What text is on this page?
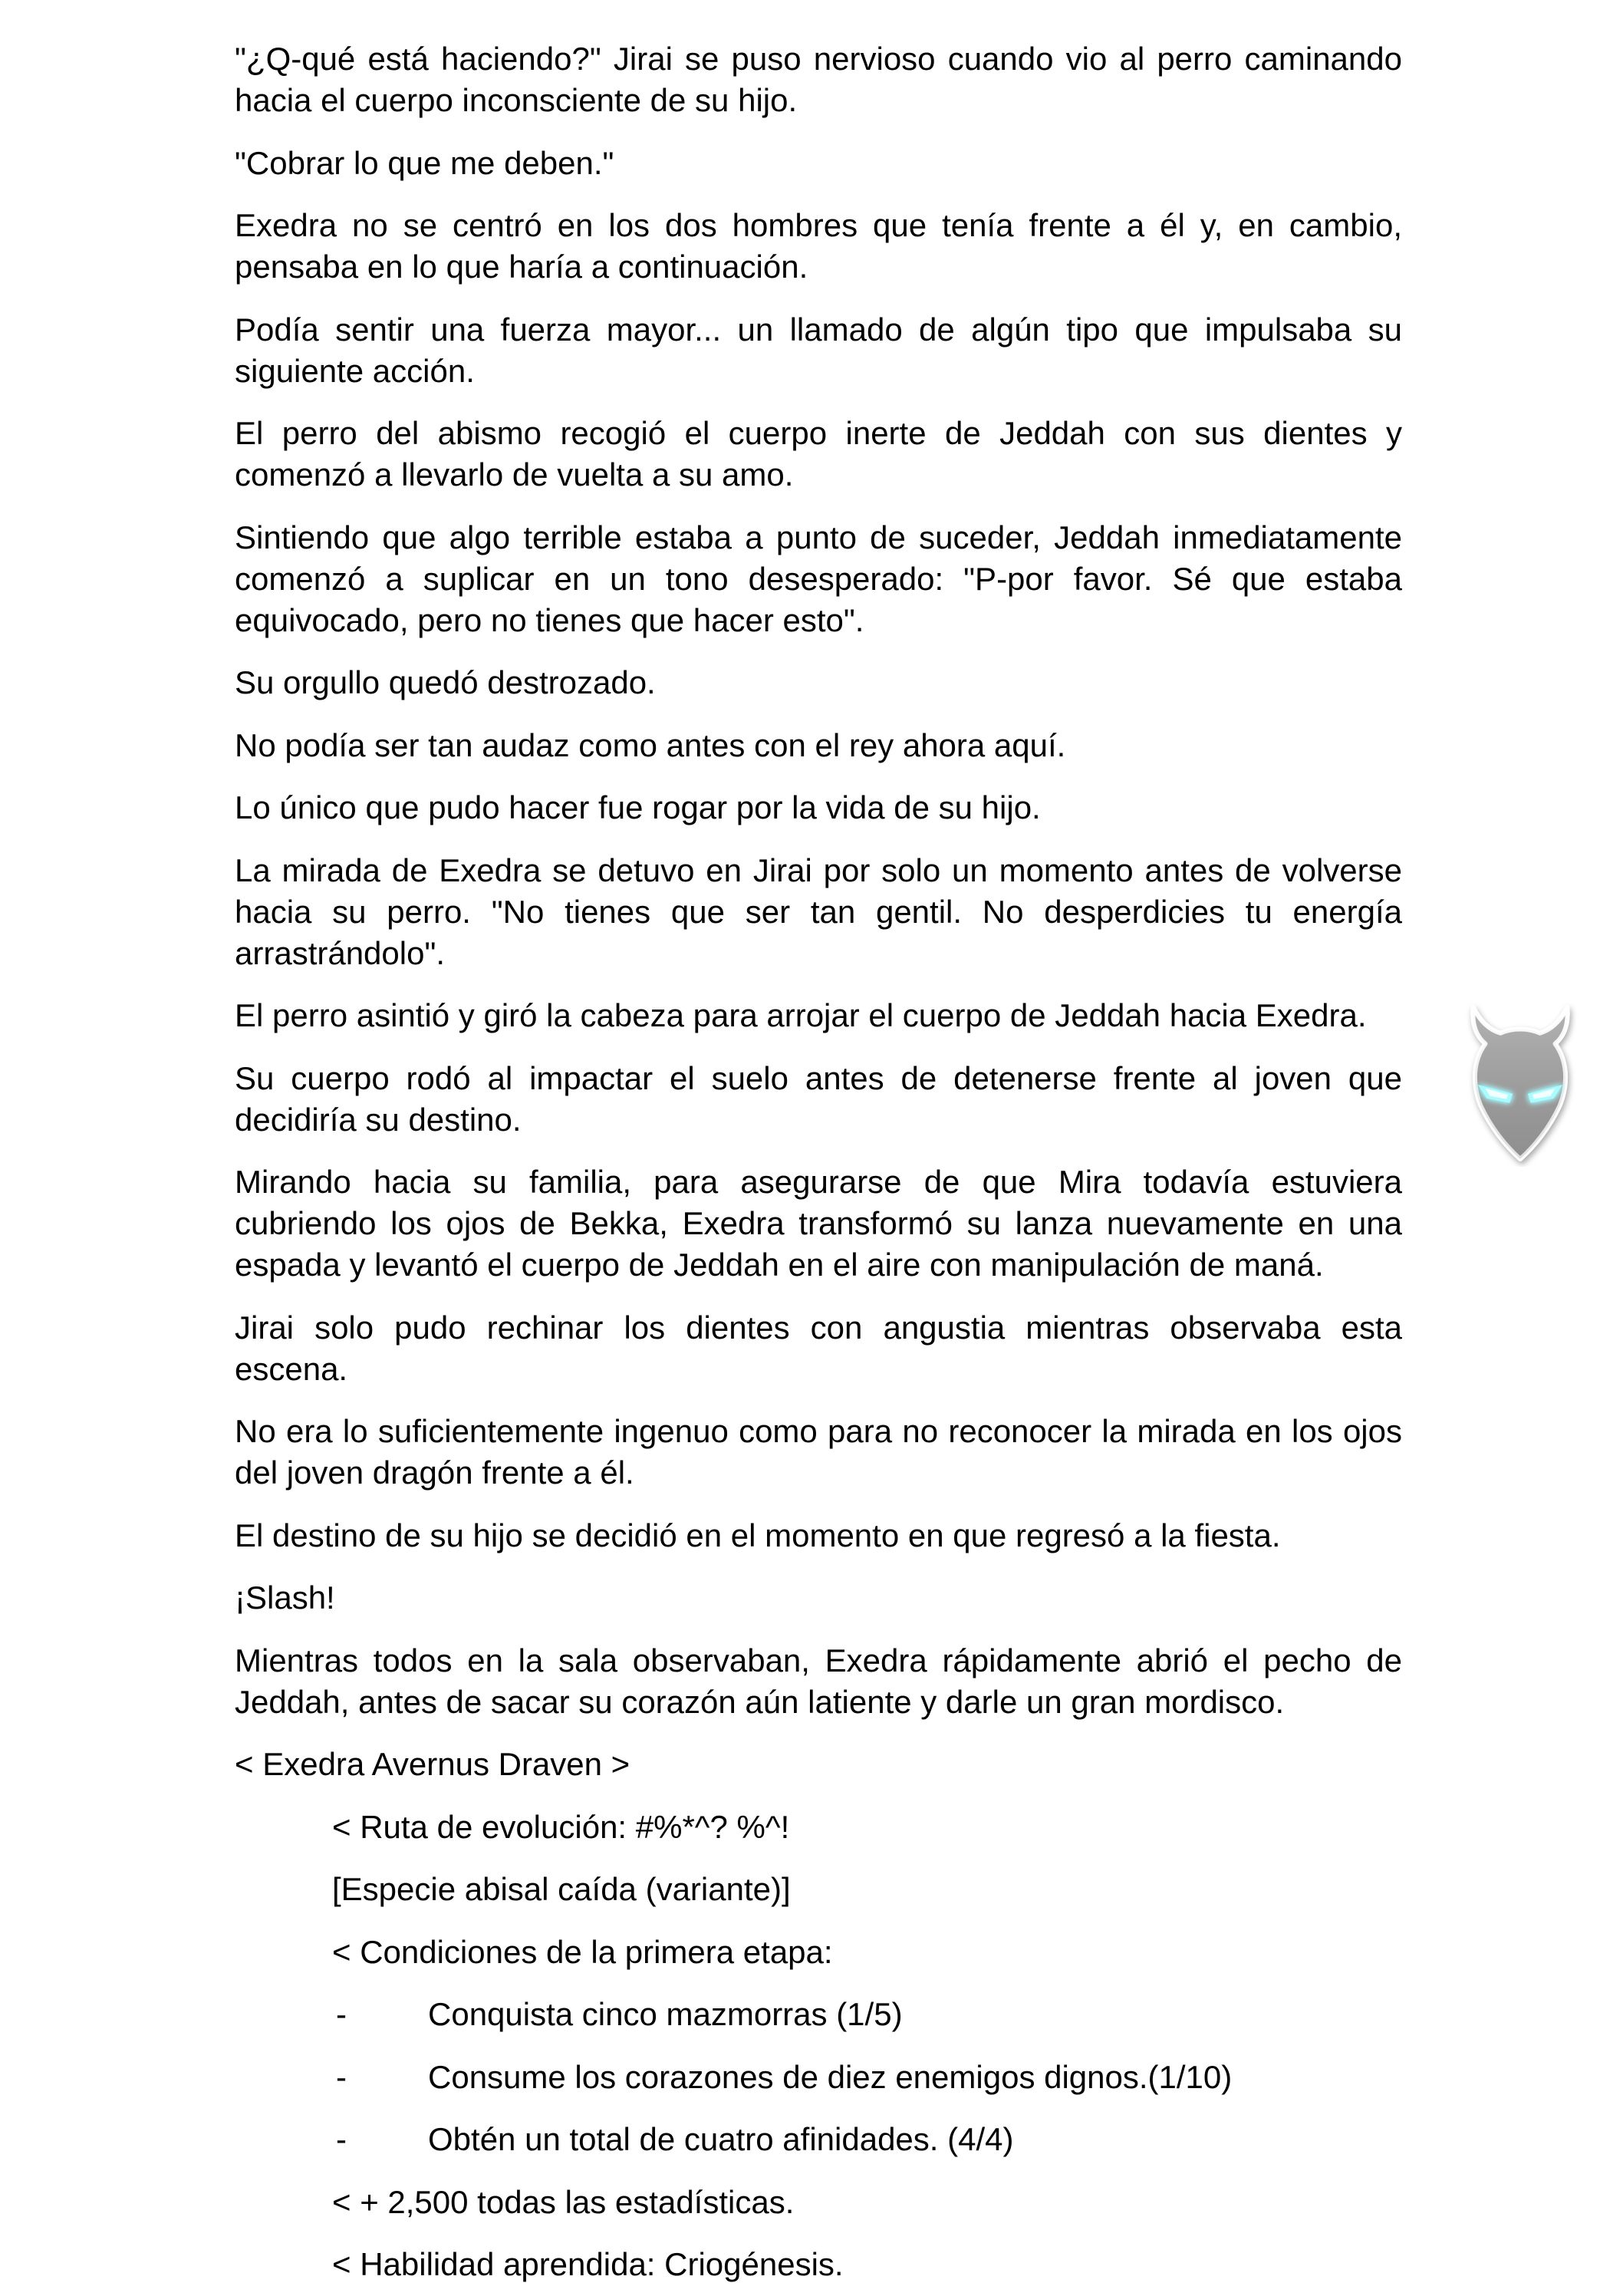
"¿Q-qué está haciendo?" Jirai se puso nervioso cuando vio al perro caminando
hacia el cuerpo inconsciente de su hijo.
"Cobrar lo que me deben."
Exedra no se centró en los dos hombres que tenía frente a él y, en cambio,
pensaba en lo que haría a continuación.
Podía sentir una fuerza mayor... un llamado de algún tipo que impulsaba su
siguiente acción.
El perro del abismo recogió el cuerpo inerte de Jeddah con sus dientes y
comenzó a llevarlo de vuelta a su amo.
Sintiendo que algo terrible estaba a punto de suceder, Jeddah inmediatamente
comenzó a suplicar en un tono desesperado: "P-por favor. Sé que estaba
equivocado, pero no tienes que hacer esto".
Su orgullo quedó destrozado.
No podía ser tan audaz como antes con el rey ahora aquí.
Lo único que pudo hacer fue rogar por la vida de su hijo.
La mirada de Exedra se detuvo en Jirai por solo un momento antes de volverse
hacia su perro. "No tienes que ser tan gentil. No desperdicies tu energía
arrastrándolo".
El perro asintió y giró la cabeza para arrojar el cuerpo de Jeddah hacia Exedra.
Su cuerpo rodó al impactar el suelo antes de detenerse frente al joven que
decidiría su destino.
Mirando hacia su familia, para asegurarse de que Mira todavía estuviera
cubriendo los ojos de Bekka, Exedra transformó su lanza nuevamente en una
espada y levantó el cuerpo de Jeddah en el aire con manipulación de maná.
Jirai solo pudo rechinar los dientes con angustia mientras observaba esta
escena.
No era lo suficientemente ingenuo como para no reconocer la mirada en los ojos
del joven dragón frente a él.
El destino de su hijo se decidió en el momento en que regresó a la fiesta.
¡Slash!
Mientras todos en la sala observaban, Exedra rápidamente abrió el pecho de
Jeddah, antes de sacar su corazón aún latiente y darle un gran mordisco.
< Exedra Avernus Draven >
< Ruta de evolución: #%*^? %^!
[Especie abisal caída (variante)]
< Condiciones de la primera etapa:
-	Conquista cinco mazmorras (1/5)
-	Consume los corazones de diez enemigos dignos.(1/10)
-	Obtén un total de cuatro afinidades. (4/4)
< + 2,500 todas las estadísticas.
< Habilidad aprendida: Criogénesis.
